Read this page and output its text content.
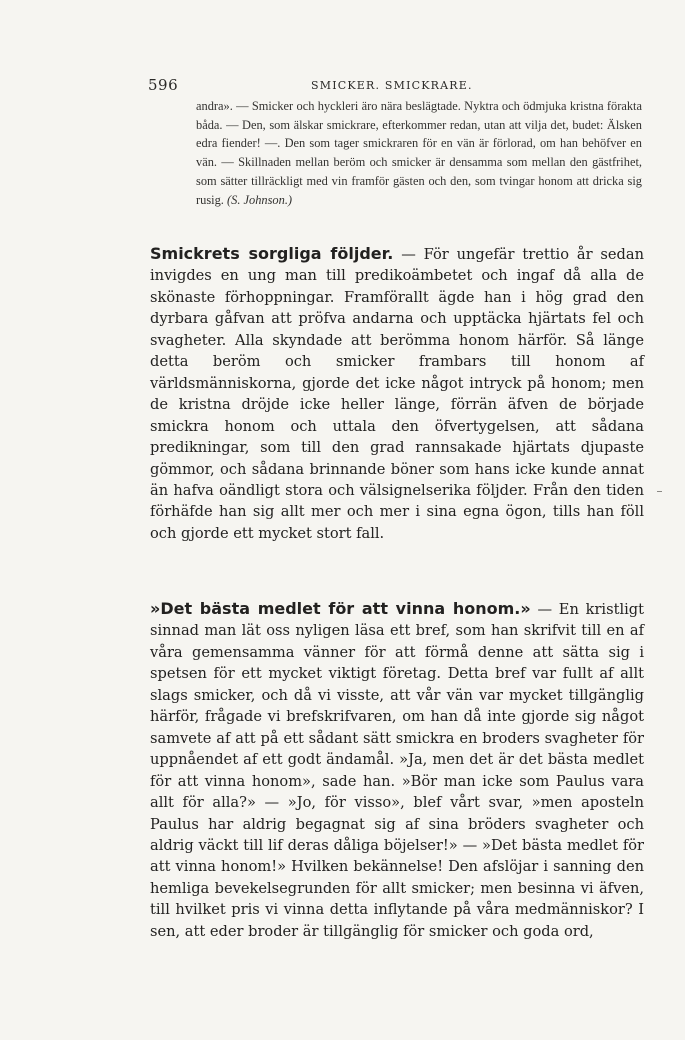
596	SMICKER. SMICKRARE.
andra». — Smicker och hyckleri äro nära beslägtade. Nyktra och ödmjuka kristna förakta båda. — Den, som älskar smickrare, efterkommer redan, utan att vilja det, budet: Älsken edra fiender! —. Den som tager smickraren för en vän är förlorad, om han behöfver en vän. — Skillnaden mellan beröm och smicker är densamma som mellan den gästfrihet, som sätter tillräckligt med vin framför gästen och den, som tvingar honom att dricka sig rusig. (S. Johnson.)
Smickrets sorgliga följder. — För ungefär trettio år sedan invigdes en ung man till predikoämbetet och ingaf då alla de skönaste förhoppningar. Framförallt ägde han i hög grad den dyrbara gåfvan att pröfva andarna och upptäcka hjärtats fel och svagheter. Alla skyndade att berömma honom härför. Så länge detta beröm och smicker frambars till honom af världsmänniskorna, gjorde det icke något intryck på honom; men de kristna dröjde icke heller länge, förrän äfven de började smickra honom och uttala den öfvertygelsen, att sådana predikningar, som till den grad rannsakade hjärtats djupaste gömmor, och sådana brinnande böner som hans icke kunde annat än hafva oändligt stora och välsignelserika följder. Från den tiden förhäfde han sig allt mer och mer i sina egna ögon, tills han föll och gjorde ett mycket stort fall.
»Det bästa medlet för att vinna honom.» — En kristligt sinnad man lät oss nyligen läsa ett bref, som han skrifvit till en af våra gemensamma vänner för att förmå denne att sätta sig i spetsen för ett mycket viktigt företag. Detta bref var fullt af allt slags smicker, och då vi visste, att vår vän var mycket tillgänglig härför, frågade vi brefskrifvaren, om han då inte gjorde sig något samvete af att på ett sådant sätt smickra en broders svagheter för uppnåendet af ett godt ändamål. »Ja, men det är det bästa medlet för att vinna honom», sade han. »Bör man icke som Paulus vara allt för alla?» — »Jo, för visso», blef vårt svar, »men aposteln Paulus har aldrig begagnat sig af sina bröders svagheter och aldrig väckt till lif deras dåliga böjelser!» — »Det bästa medlet för att vinna honom!» Hvilken bekännelse! Den afslöjar i sanning den hemliga bevekelsegrunden för allt smicker; men besinna vi äfven, till hvilket pris vi vinna detta inflytande på våra medmänniskor? I sen, att eder broder är tillgänglig för smicker och goda ord,
